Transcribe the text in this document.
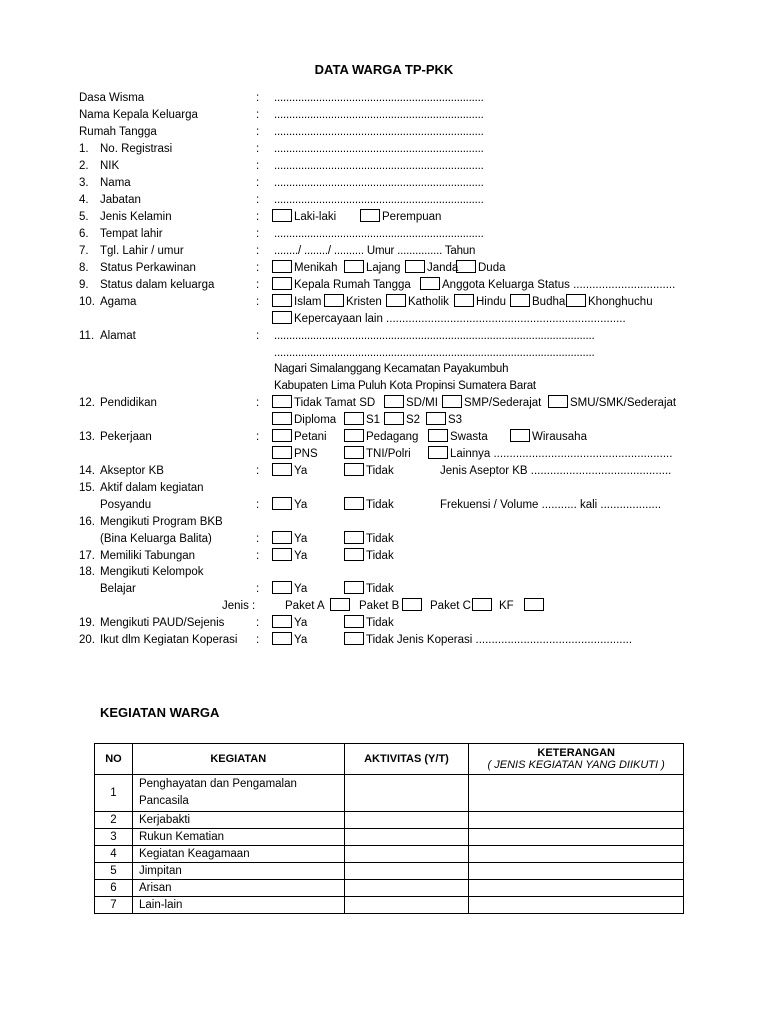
DATA WARGA TP-PKK
Dasa Wisma	: ......................................................................
Nama Kepala Keluarga	: ......................................................................
Rumah Tangga	: ......................................................................
1. No. Registrasi	: ......................................................................
2. NIK	: ......................................................................
3. Nama	: ......................................................................
4. Jabatan	: ......................................................................
5. Jenis Kelamin	:	Laki-laki	Perempuan
6. Tempat lahir	: ......................................................................
7. Tgl. Lahir / umur	: ......../ ......../ .......... Umur ............... Tahun
8. Status Perkawinan	:	Menikah	Lajang	Janda	Duda
9. Status dalam keluarga	:	Kepala Rumah Tangga	Anggota Keluarga Status ................................
10. Agama	:	Islam	Kristen	Katholik	Hindu	Budha	Khonghuchu
Kepercayaan lain ...........................................................................
11. Alamat	: ...........................................................................................................
...........................................................................................................
Nagari Simalanggang Kecamatan Payakumbuh
Kabupaten Lima Puluh Kota Propinsi Sumatera Barat
12. Pendidikan	:	Tidak Tamat SD	SD/MI	SMP/Sederajat	SMU/SMK/Sederajat
Diploma	S1	S2	S3
13. Pekerjaan	:	Petani	Pedagang	Swasta	Wirausaha
PNS	TNI/Polri	Lainnya ........................................................
14. Akseptor KB	:	Ya	Tidak	Jenis Aseptor KB ............................................
15. Aktif dalam kegiatan
Posyandu	:	Ya	Tidak	Frekuensi / Volume ........... kali ...................
16. Mengikuti Program BKB
(Bina Keluarga Balita)	:	Ya	Tidak
17. Memiliki Tabungan	:	Ya	Tidak
18. Mengikuti Kelompok
Belajar	:	Ya	Tidak
Jenis :	Paket A	Paket B	Paket C KF
19. Mengikuti PAUD/Sejenis	:	Ya	Tidak
20. Ikut dlm Kegiatan Koperasi :	Ya	Tidak Jenis Koperasi .................................................
KEGIATAN WARGA
NO	KEGIATAN	AKTIVITAS (Y/T)	KETERANGAN
( JENIS KEGIATAN YANG DIIKUTI )

1	Penghayatan dan Pengamalan
Pancasila		

2	Kerjabakti		
3	Rukun Kematian		
4	Kegiatan Keagamaan		
5	Jimpitan		
6	Arisan		
7	Lain-lain		
